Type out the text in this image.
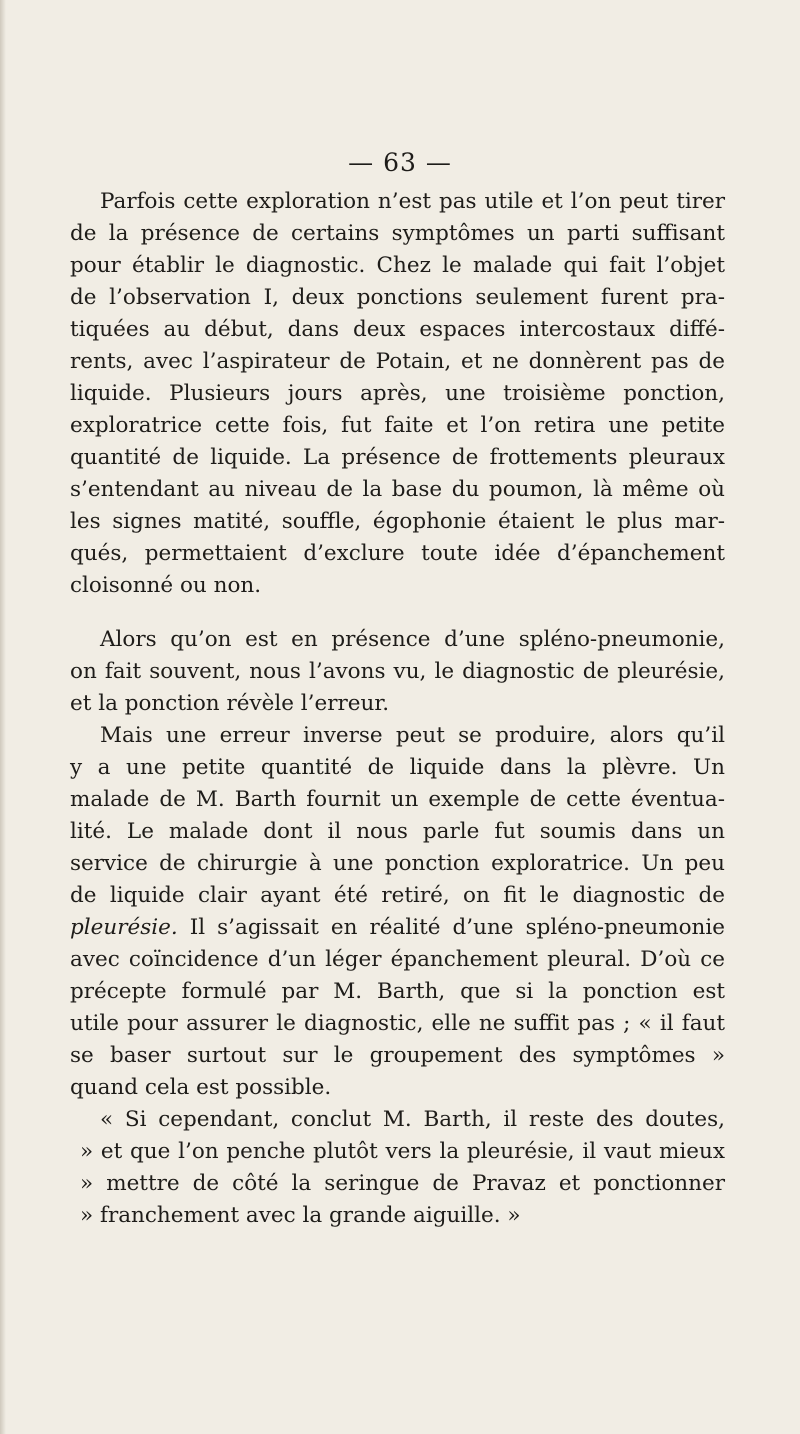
— 63 —
Parfois cette exploration n’est pas utile et l’on peut tirer
de la présence de certains symptômes un parti suffisant
pour établir le diagnostic. Chez le malade qui fait l’objet
de l’observation I, deux ponctions seulement furent pra-
tiquées au début, dans deux espaces intercostaux diffé-
rents, avec l’aspirateur de Potain, et ne donnèrent pas de
liquide. Plusieurs jours après, une troisième ponction,
exploratrice cette fois, fut faite et l’on retira une petite
quantité de liquide. La présence de frottements pleuraux
s’entendant au niveau de la base du poumon, là même où
les signes matité, souffle, égophonie étaient le plus mar-
qués, permettaient d’exclure toute idée d’épanchement
cloisonné ou non.
Alors qu’on est en présence d’une spléno-pneumonie,
on fait souvent, nous l’avons vu, le diagnostic de pleurésie,
et la ponction révèle l’erreur.
Mais une erreur inverse peut se produire, alors qu’il
y a une petite quantité de liquide dans la plèvre. Un
malade de M. Barth fournit un exemple de cette éventua-
lité. Le malade dont il nous parle fut soumis dans un
service de chirurgie à une ponction exploratrice. Un peu
de liquide clair ayant été retiré, on fit le diagnostic de
pleurésie. Il s’agissait en réalité d’une spléno-pneumonie
avec coïncidence d’un léger épanchement pleural. D’où ce
précepte formulé par M. Barth, que si la ponction est
utile pour assurer le diagnostic, elle ne suffit pas ; « il faut
se baser surtout sur le groupement des symptômes »
quand cela est possible.
« Si cependant, conclut M. Barth, il reste des doutes,
» et que l’on penche plutôt vers la pleurésie, il vaut mieux
» mettre de côté la seringue de Pravaz et ponctionner
» franchement avec la grande aiguille. »
